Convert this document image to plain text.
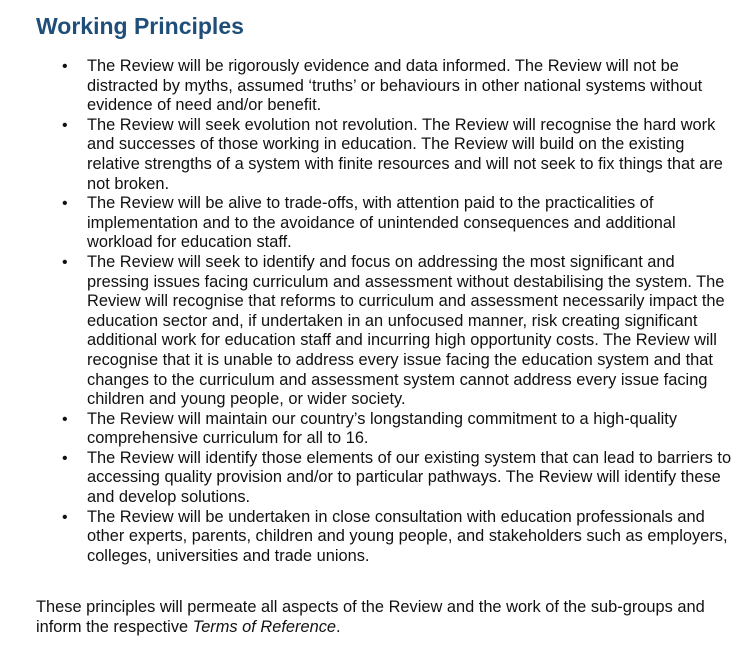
Working Principles
• The Review will be rigorously evidence and data informed. The Review will not be distracted by myths, assumed ‘truths’ or behaviours in other national systems without evidence of need and/or benefit.
• The Review will seek evolution not revolution. The Review will recognise the hard work and successes of those working in education. The Review will build on the existing relative strengths of a system with finite resources and will not seek to fix things that are not broken.
• The Review will be alive to trade-offs, with attention paid to the practicalities of implementation and to the avoidance of unintended consequences and additional workload for education staff.
• The Review will seek to identify and focus on addressing the most significant and pressing issues facing curriculum and assessment without destabilising the system. The Review will recognise that reforms to curriculum and assessment necessarily impact the education sector and, if undertaken in an unfocused manner, risk creating significant additional work for education staff and incurring high opportunity costs. The Review will recognise that it is unable to address every issue facing the education system and that changes to the curriculum and assessment system cannot address every issue facing children and young people, or wider society.
• The Review will maintain our country’s longstanding commitment to a high-quality comprehensive curriculum for all to 16.
• The Review will identify those elements of our existing system that can lead to barriers to accessing quality provision and/or to particular pathways. The Review will identify these and develop solutions.
• The Review will be undertaken in close consultation with education professionals and other experts, parents, children and young people, and stakeholders such as employers, colleges, universities and trade unions.

These principles will permeate all aspects of the Review and the work of the sub-groups and inform the respective Terms of Reference.
